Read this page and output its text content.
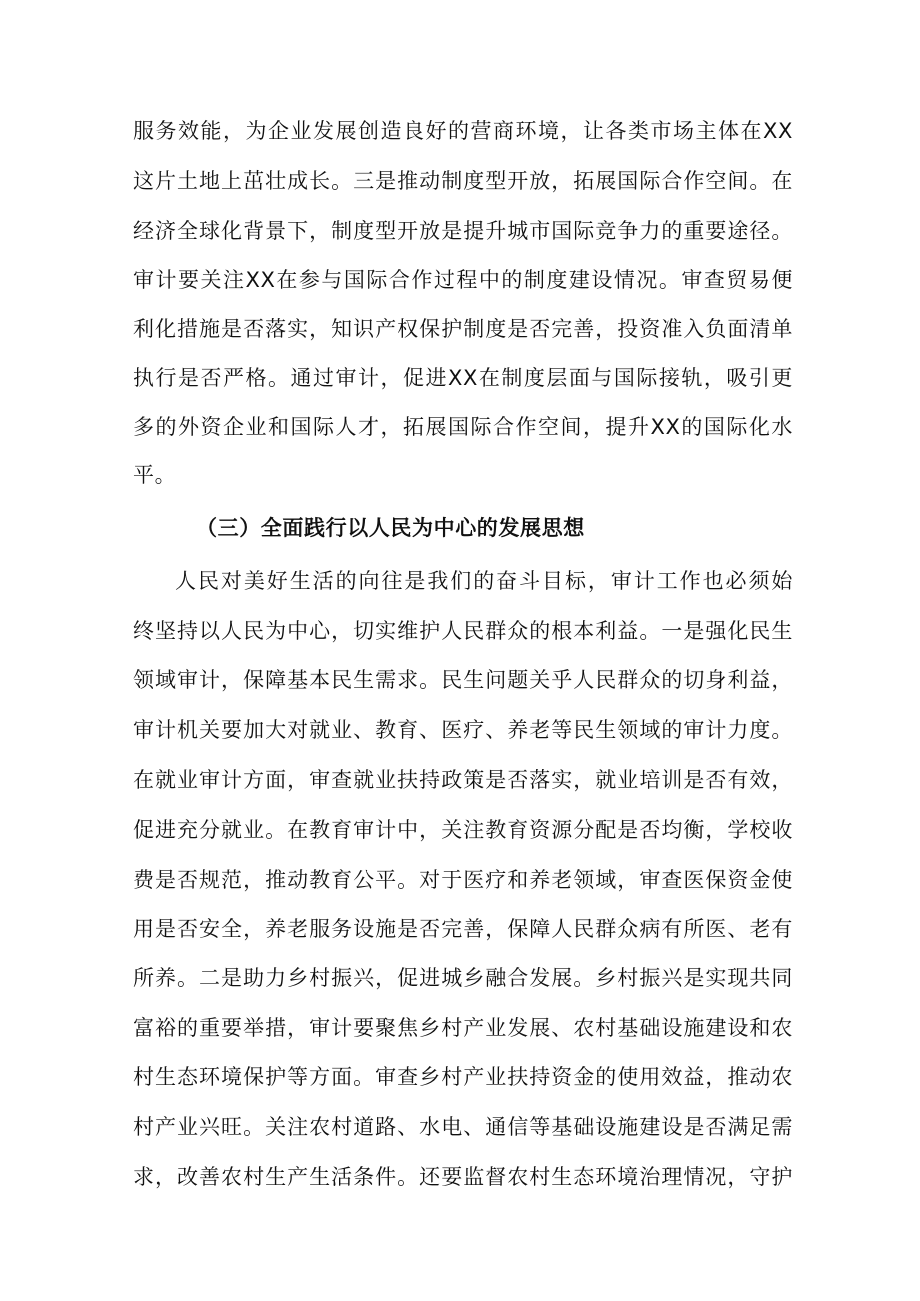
服务效能，为企业发展创造良好的营商环境，让各类市场主体在XX
这片土地上茁壮成长。三是推动制度型开放，拓展国际合作空间。在
经济全球化背景下，制度型开放是提升城市国际竞争力的重要途径。
审计要关注XX在参与国际合作过程中的制度建设情况。审查贸易便
利化措施是否落实，知识产权保护制度是否完善，投资准入负面清单
执行是否严格。通过审计，促进XX在制度层面与国际接轨，吸引更
多的外资企业和国际人才，拓展国际合作空间，提升XX的国际化水
平。
（三）全面践行以人民为中心的发展思想
人民对美好生活的向往是我们的奋斗目标，审计工作也必须始
终坚持以人民为中心，切实维护人民群众的根本利益。一是强化民生
领域审计，保障基本民生需求。民生问题关乎人民群众的切身利益，
审计机关要加大对就业、教育、医疗、养老等民生领域的审计力度。
在就业审计方面，审查就业扶持政策是否落实，就业培训是否有效，
促进充分就业。在教育审计中，关注教育资源分配是否均衡，学校收
费是否规范，推动教育公平。对于医疗和养老领域，审查医保资金使
用是否安全，养老服务设施是否完善，保障人民群众病有所医、老有
所养。二是助力乡村振兴，促进城乡融合发展。乡村振兴是实现共同
富裕的重要举措，审计要聚焦乡村产业发展、农村基础设施建设和农
村生态环境保护等方面。审查乡村产业扶持资金的使用效益，推动农
村产业兴旺。关注农村道路、水电、通信等基础设施建设是否满足需
求，改善农村生产生活条件。还要监督农村生态环境治理情况，守护
